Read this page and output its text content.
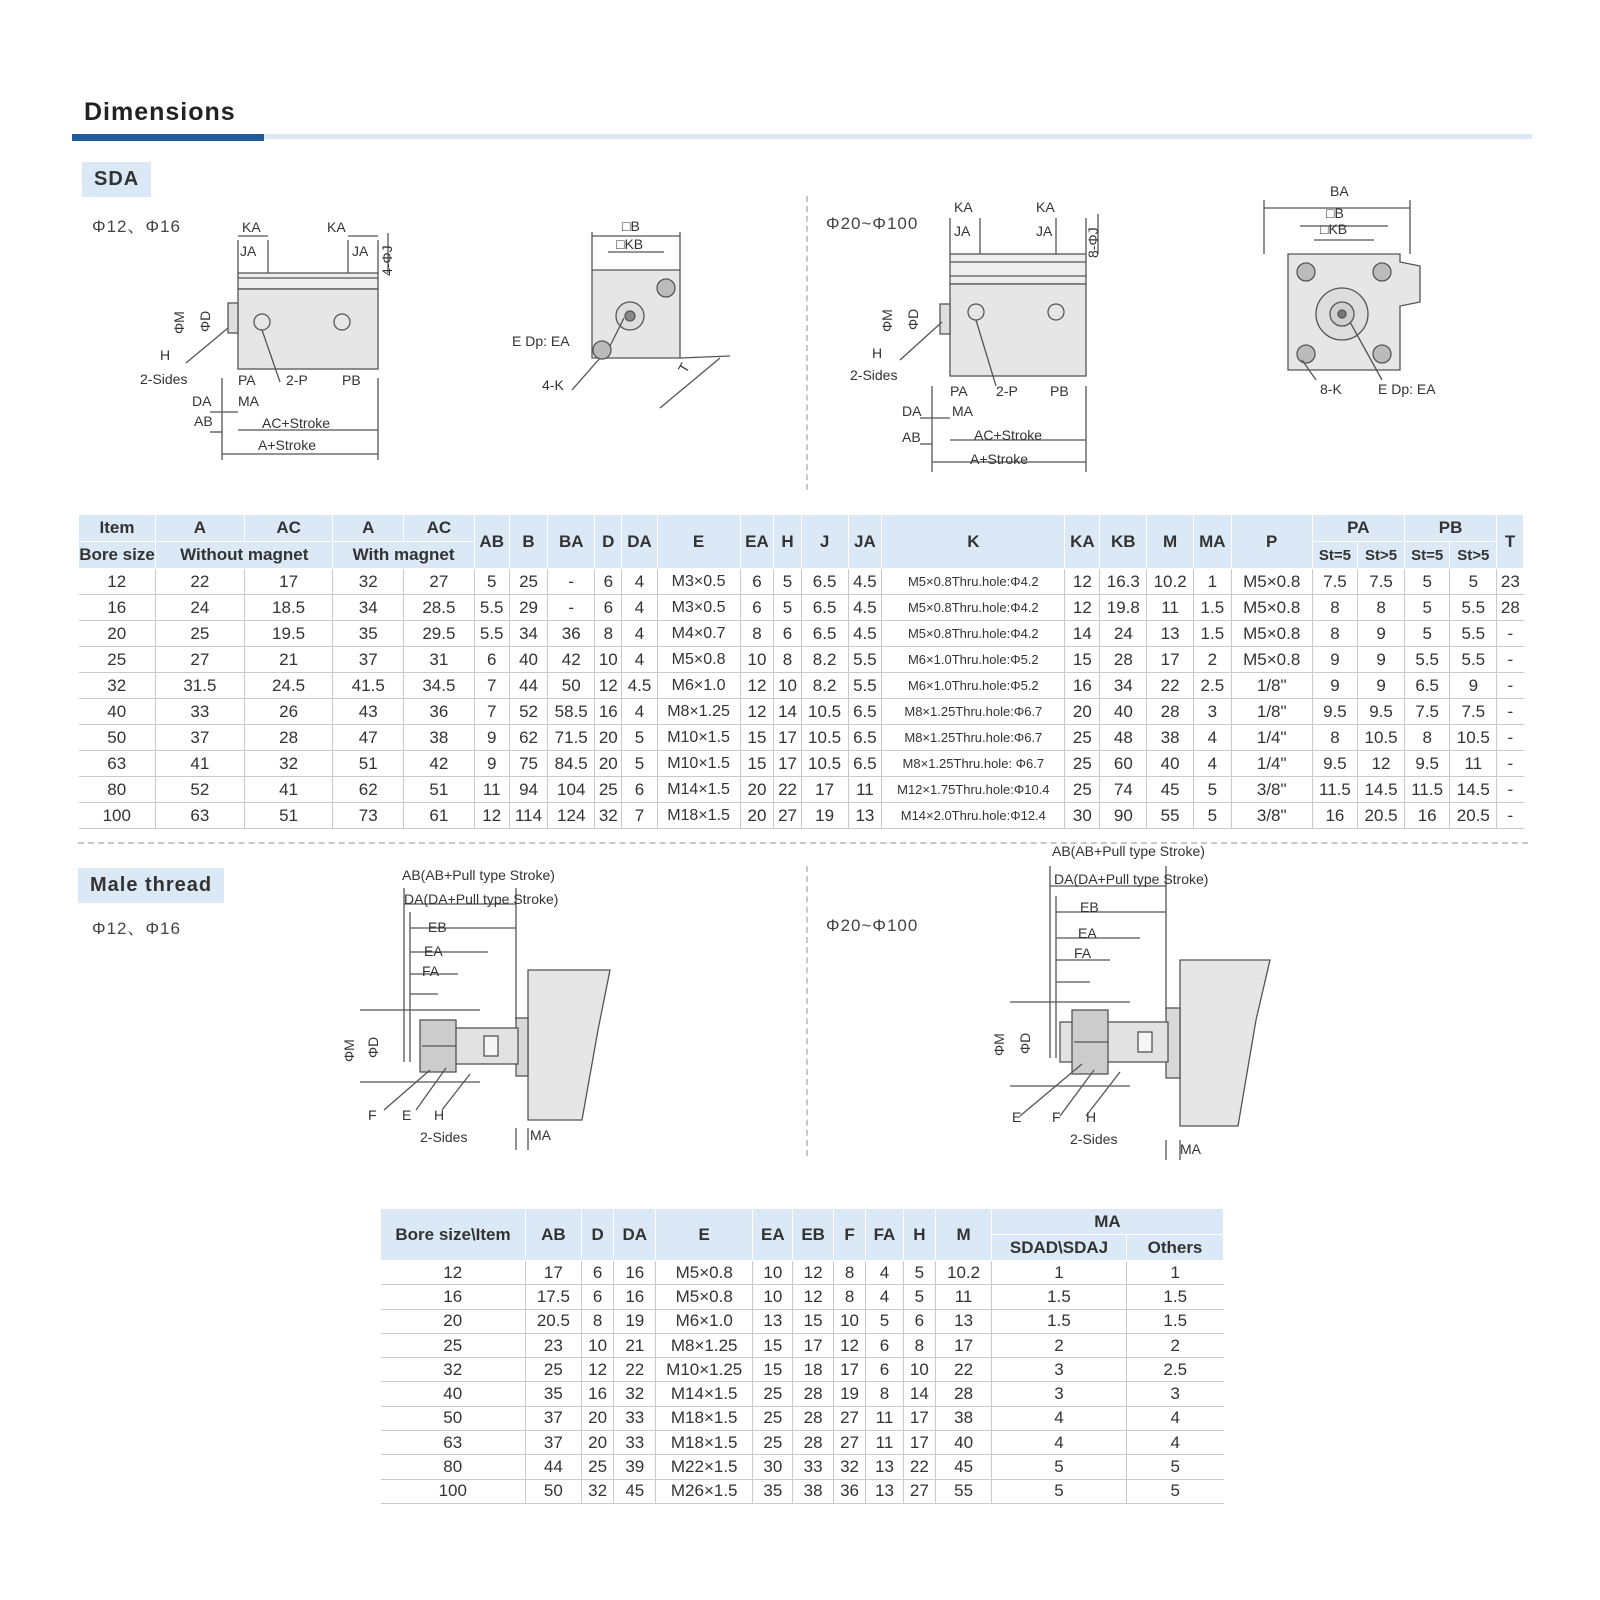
Dimensions
SDA
Φ12、Φ16	Φ20~Φ100
KA	KA
JA	JA 4-ΦJ
ΦM ΦD
H
2-Sides	PA 2-P PB
DA MA
AB	AC+Stroke
A+Stroke
□B
□KB
E Dp: EA
4-K
T
KA	KA
JA	JA 8-ΦJ
ΦM ΦD
H
2-Sides
PA 2-P PB
DA MA
AB	AC+Stroke
A+Stroke
BA
□B
□KB
8-K	E Dp: EA
Item	A	AC	A	AC	AB	B	BA	D	DA	E	EA	H	J	JA	K	KA	KB	M	MA	P	PA		PB		T
Bore size	Without magnet		With magnet																		St=5	St>5	St=5	St>5	
12	22	17	32	27	5	25	-	6	4	M3×0.5	6	5	6.5	4.5	M5×0.8Thru.hole:Φ4.2	12	16.3	10.2	1	M5×0.8	7.5	7.5	5	5	23
16	24	18.5	34	28.5	5.5	29	-	6	4	M3×0.5	6	5	6.5	4.5	M5×0.8Thru.hole:Φ4.2	12	19.8	11	1.5	M5×0.8	8	8	5	5.5	28
20	25	19.5	35	29.5	5.5	34	36	8	4	M4×0.7	8	6	6.5	4.5	M5×0.8Thru.hole:Φ4.2	14	24	13	1.5	M5×0.8	8	9	5	5.5	-
25	27	21	37	31	6	40	42	10	4	M5×0.8	10	8	8.2	5.5	M6×1.0Thru.hole:Φ5.2	15	28	17	2	M5×0.8	9	9	5.5	5.5	-
32	31.5	24.5	41.5	34.5	7	44	50	12	4.5	M6×1.0	12	10	8.2	5.5	M6×1.0Thru.hole:Φ5.2	16	34	22	2.5	1/8"	9	9	6.5	9	-
40	33	26	43	36	7	52	58.5	16	4	M8×1.25	12	14	10.5	6.5	M8×1.25Thru.hole:Φ6.7	20	40	28	3	1/8"	9.5	9.5	7.5	7.5	-
50	37	28	47	38	9	62	71.5	20	5	M10×1.5	15	17	10.5	6.5	M8×1.25Thru.hole:Φ6.7	25	48	38	4	1/4"	8	10.5	8	10.5	-
63	41	32	51	42	9	75	84.5	20	5	M10×1.5	15	17	10.5	6.5	M8×1.25Thru.hole: Φ6.7	25	60	40	4	1/4"	9.5	12	9.5	11	-
80	52	41	62	51	11	94	104	25	6	M14×1.5	20	22	17	11	M12×1.75Thru.hole:Φ10.4	25	74	45	5	3/8"	11.5	14.5	11.5	14.5	-
100	63	51	73	61	12	114	124	32	7	M18×1.5	20	27	19	13	M14×2.0Thru.hole:Φ12.4	30	90	55	5	3/8"	16	20.5	16	20.5	-
Male thread
Φ12、Φ16	Φ20~Φ100
AB(AB+Pull type Stroke)
DA(DA+Pull type Stroke)
EB
EA
FA
ΦM ΦD
F E H
2-Sides	MA
AB(AB+Pull type Stroke)
DA(DA+Pull type Stroke)
EB
EA
FA
ΦM ΦD
E F H
2-Sides
MA
Bore size\Item	AB	D	DA	E	EA	EB	F	FA	H	M	MA	
											SDAD\SDAJ	Others
12	17	6	16	M5×0.8	10	12	8	4	5	10.2	1	1
16	17.5	6	16	M5×0.8	10	12	8	4	5	11	1.5	1.5
20	20.5	8	19	M6×1.0	13	15	10	5	6	13	1.5	1.5
25	23	10	21	M8×1.25	15	17	12	6	8	17	2	2
32	25	12	22	M10×1.25	15	18	17	6	10	22	3	2.5
40	35	16	32	M14×1.5	25	28	19	8	14	28	3	3
50	37	20	33	M18×1.5	25	28	27	11	17	38	4	4
63	37	20	33	M18×1.5	25	28	27	11	17	40	4	4
80	44	25	39	M22×1.5	30	33	32	13	22	45	5	5
100	50	32	45	M26×1.5	35	38	36	13	27	55	5	5
